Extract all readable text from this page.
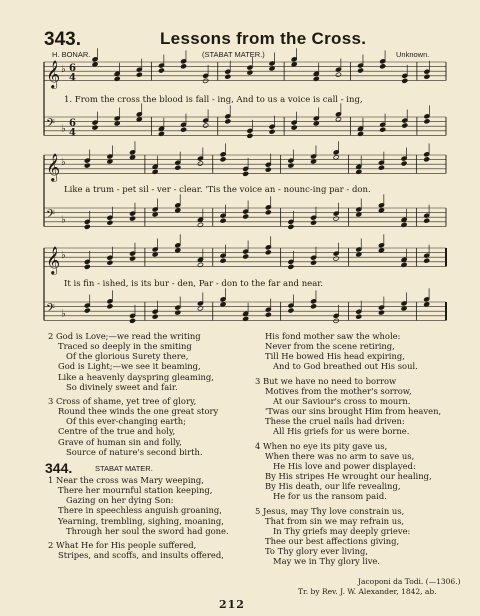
343.	Lessons from the Cross.
H. BONAR.	(STABAT MATER.)	Unknown.
𝄞 ♭ 6
4
𝄢 ♭
6
4
𝄞 ♭
𝄢 ♭
𝄞 ♭
𝄢 ♭
1. From the cross the blood is fall - ing, And to us a voice is call - ing,
Like a trum - pet sil - ver - clear. 'Tis the voice an - nounc-ing par - don.
It is fin - ished, is its bur - den, Par - don to the far and near.
2 God is Love;—we read the writing
Traced so deeply in the smiting
Of the glorious Surety there,
God is Light;—we see it beaming,
Like a heavenly dayspring gleaming,
So divinely sweet and fair.
3 Cross of shame, yet tree of glory,
Round thee winds the one great story
Of this ever-changing earth;
Centre of the true and holy,
Grave of human sin and folly,
Source of nature's second birth.
344.	STABAT MATER.
1 Near the cross was Mary weeping,
There her mournful station keeping,
Gazing on her dying Son:
There in speechless anguish groaning,
Yearning, trembling, sighing, moaning,
Through her soul the sword had gone.
2 What He for His people suffered,
Stripes, and scoffs, and insults offered,
His fond mother saw the whole:
Never from the scene retiring,
Till He bowed His head expiring,
And to God breathed out His soul.
3 But we have no need to borrow
Motives from the mother's sorrow,
At our Saviour's cross to mourn.
'Twas our sins brought Him from heaven,
These the cruel nails had driven:
All His griefs for us were borne.
4 When no eye its pity gave us,
When there was no arm to save us,
He His love and power displayed:
By His stripes He wrought our healing,
By His death, our life revealing,
He for us the ransom paid.
5 Jesus, may Thy love constrain us,
That from sin we may refrain us,
In Thy griefs may deeply grieve:
Thee our best affections giving,
To Thy glory ever living,
May we in Thy glory live.
Jacoponi da Todi. (—1306.)
Tr. by Rev. J. W. Alexander, 1842, ab.
212
